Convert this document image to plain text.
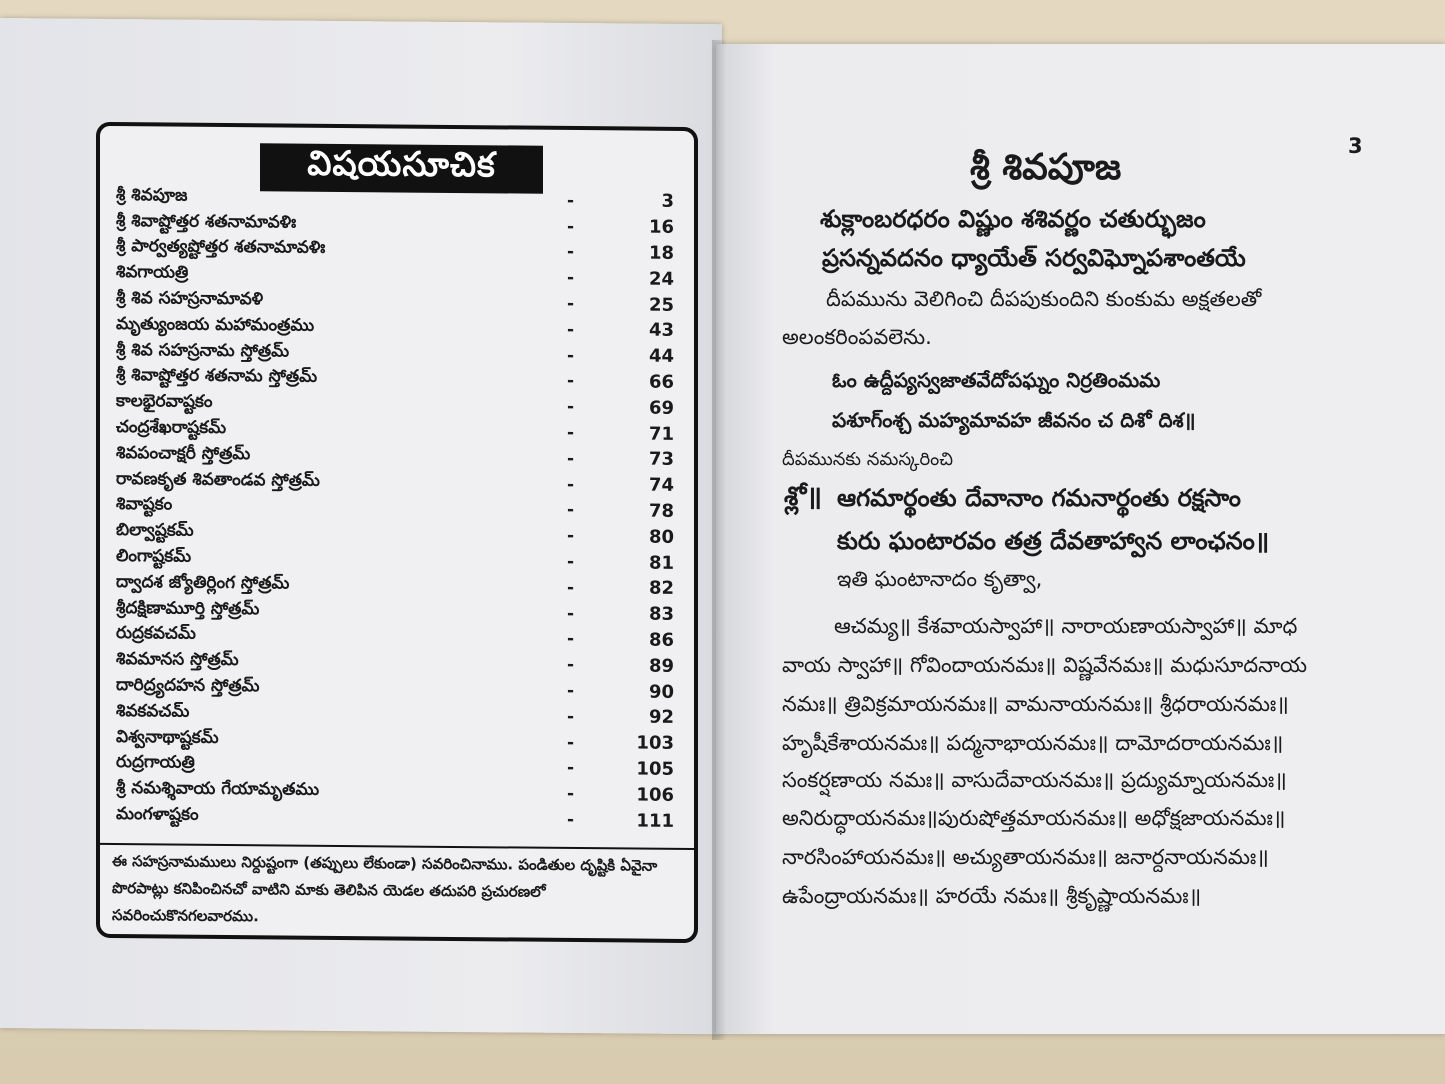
విషయసూచిక
శ్రీ శివపూజ	-	3
శ్రీ శివాష్టోత్తర శతనామావళిః	-	16
శ్రీ పార్వత్యష్టోత్తర శతనామావళిః	-	18
శివగాయత్రి	-	24
శ్రీ శివ సహస్రనామావళి	-	25
మృత్యుంజయ మహామంత్రము	-	43
శ్రీ శివ సహస్రనామ స్తోత్రమ్	-	44
శ్రీ శివాష్టోత్తర శతనామ స్తోత్రమ్	-	66
కాలభైరవాష్టకం	-	69
చంద్రశేఖరాష్టకమ్	-	71
శివపంచాక్షరీ స్తోత్రమ్	-	73
రావణకృత శివతాండవ స్తోత్రమ్	-	74
శివాష్టకం	-	78
బిల్వాష్టకమ్	-	80
లింగాష్టకమ్	-	81
ద్వాదశ జ్యోతిర్లింగ స్తోత్రమ్	-	82
శ్రీదక్షిణామూర్తి స్తోత్రమ్	-	83
రుద్రకవచమ్	-	86
శివమానస స్తోత్రమ్	-	89
దారిద్ర్యదహన స్తోత్రమ్	-	90
శివకవచమ్	-	92
విశ్వనాథాష్టకమ్	-	103
రుద్రగాయత్రి	-	105
శ్రీ నమశ్శివాయ గేయామృతము	-	106
మంగళాష్టకం	-	111
ఈ సహస్రనామములు నిర్దుష్టంగా (తప్పులు లేకుండా) సవరించినాము. పండితుల దృష్టికి ఏవైనా పొరపాట్లు కనిపించినచో వాటిని మాకు తెలిపిన యెడల తదుపరి ప్రచురణలో సవరించుకొనగలవారము.
3
శ్రీ శివపూజ
శుక్లాంబరధరం విష్ణుం శశివర్ణం చతుర్భుజం
ప్రసన్నవదనం ధ్యాయేత్ సర్వవిఘ్నోపశాంతయే
దీపమును వెలిగించి దీపపుకుందిని కుంకుమ అక్షతలతో
అలంకరింపవలెను.
ఓం ఉద్దీప్యస్వజాతవేదోపఘ్నం నిర్రతింమమ
పశూగ్ంశ్చ మహ్యమావహ జీవనం చ దిశో దిశ॥
దీపమునకు నమస్కరించి
శ్లో॥ ఆగమార్థంతు దేవానాం గమనార్థంతు రక్షసాం
కురు ఘంటారవం తత్ర దేవతాహ్వాన లాంఛనం॥
ఇతి ఘంటానాదం కృత్వా,
ఆచమ్య॥ కేశవాయస్వాహా॥ నారాయణాయస్వాహా॥ మాధ
వాయ స్వాహా॥ గోవిందాయనమః॥ విష్ణవేనమః॥ మధుసూదనాయ
నమః॥ త్రివిక్రమాయనమః॥ వామనాయనమః॥ శ్రీధరాయనమః॥
హృషీకేశాయనమః॥ పద్మనాభాయనమః॥ దామోదరాయనమః॥
సంకర్షణాయ నమః॥ వాసుదేవాయనమః॥ ప్రద్యుమ్నాయనమః॥
అనిరుద్ధాయనమః॥పురుషోత్తమాయనమః॥ అధోక్షజాయనమః॥
నారసింహాయనమః॥ అచ్యుతాయనమః॥ జనార్దనాయనమః॥
ఉపేంద్రాయనమః॥ హరయే నమః॥ శ్రీకృష్ణాయనమః॥
